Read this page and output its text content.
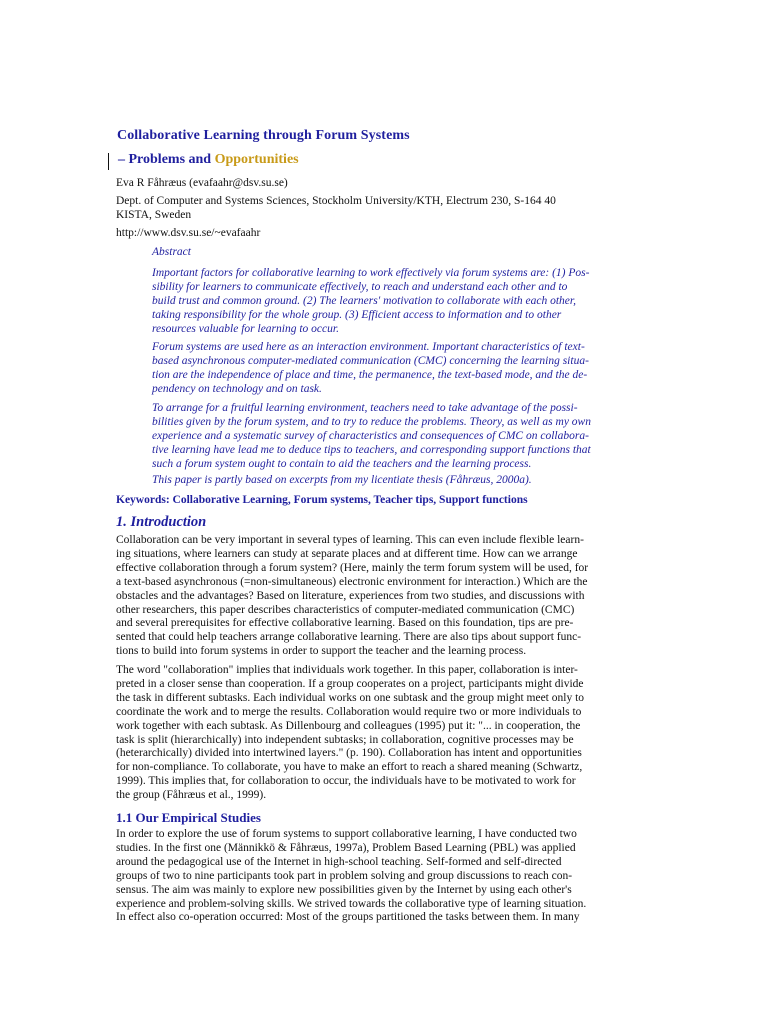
Collaborative Learning through Forum Systems
– Problems and Opportunities
Eva R Fåhræus (evafaahr@dsv.su.se)
Dept. of Computer and Systems Sciences, Stockholm University/KTH, Electrum 230, S-164 40
KISTA, Sweden
http://www.dsv.su.se/~evafaahr
Abstract
Important factors for collaborative learning to work effectively via forum systems are: (1) Pos-
sibility for learners to communicate effectively, to reach and understand each other and to
build trust and common ground. (2) The learners' motivation to collaborate with each other,
taking responsibility for the whole group. (3) Efficient access to information and to other
resources valuable for learning to occur.
Forum systems are used here as an interaction environment. Important characteristics of text-
based asynchronous computer-mediated communication (CMC) concerning the learning situa-
tion are the independence of place and time, the permanence, the text-based mode, and the de-
pendency on technology and on task.
To arrange for a fruitful learning environment, teachers need to take advantage of the possi-
bilities given by the forum system, and to try to reduce the problems. Theory, as well as my own
experience and a systematic survey of characteristics and consequences of CMC on collabora-
tive learning have lead me to deduce tips to teachers, and corresponding support functions that
such a forum system ought to contain to aid the teachers and the learning process.
This paper is partly based on excerpts from my licentiate thesis (Fåhræus, 2000a).
Keywords: Collaborative Learning, Forum systems, Teacher tips, Support functions
1. Introduction
Collaboration can be very important in several types of learning. This can even include flexible learn-
ing situations, where learners can study at separate places and at different time. How can we arrange
effective collaboration through a forum system? (Here, mainly the term forum system will be used, for
a text-based asynchronous (=non-simultaneous) electronic environment for interaction.) Which are the
obstacles and the advantages? Based on literature, experiences from two studies, and discussions with
other researchers, this paper describes characteristics of computer-mediated communication (CMC)
and several prerequisites for effective collaborative learning. Based on this foundation, tips are pre-
sented that could help teachers arrange collaborative learning. There are also tips about support func-
tions to build into forum systems in order to support the teacher and the learning process.
The word "collaboration" implies that individuals work together. In this paper, collaboration is inter-
preted in a closer sense than cooperation. If a group cooperates on a project, participants might divide
the task in different subtasks. Each individual works on one subtask and the group might meet only to
coordinate the work and to merge the results. Collaboration would require two or more individuals to
work together with each subtask. As Dillenbourg and colleagues (1995) put it: "... in cooperation, the
task is split (hierarchically) into independent subtasks; in collaboration, cognitive processes may be
(heterarchically) divided into intertwined layers." (p. 190). Collaboration has intent and opportunities
for non-compliance. To collaborate, you have to make an effort to reach a shared meaning (Schwartz,
1999). This implies that, for collaboration to occur, the individuals have to be motivated to work for
the group (Fåhræus et al., 1999).
1.1 Our Empirical Studies
In order to explore the use of forum systems to support collaborative learning, I have conducted two
studies. In the first one (Männikkö & Fåhræus, 1997a), Problem Based Learning (PBL) was applied
around the pedagogical use of the Internet in high-school teaching. Self-formed and self-directed
groups of two to nine participants took part in problem solving and group discussions to reach con-
sensus. The aim was mainly to explore new possibilities given by the Internet by using each other's
experience and problem-solving skills. We strived towards the collaborative type of learning situation.
In effect also co-operation occurred: Most of the groups partitioned the tasks between them. In many
